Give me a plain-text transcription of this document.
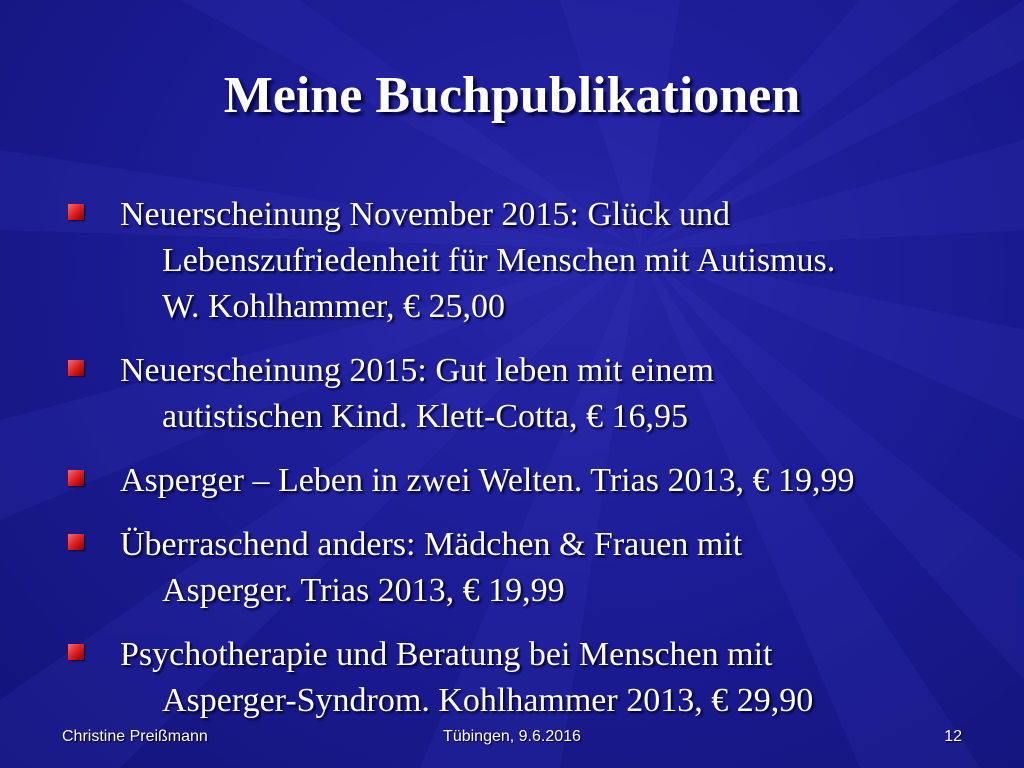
Meine Buchpublikationen
Neuerscheinung November 2015: Glück und
Lebenszufriedenheit für Menschen mit Autismus.
W. Kohlhammer, € 25,00
Neuerscheinung 2015: Gut leben mit einem
autistischen Kind. Klett-Cotta, € 16,95
Asperger – Leben in zwei Welten. Trias 2013, € 19,99
Überraschend anders: Mädchen & Frauen mit
Asperger. Trias 2013, € 19,99
Psychotherapie und Beratung bei Menschen mit
Asperger-Syndrom. Kohlhammer 2013, € 29,90
Christine Preißmann	Tübingen, 9.6.2016	12
